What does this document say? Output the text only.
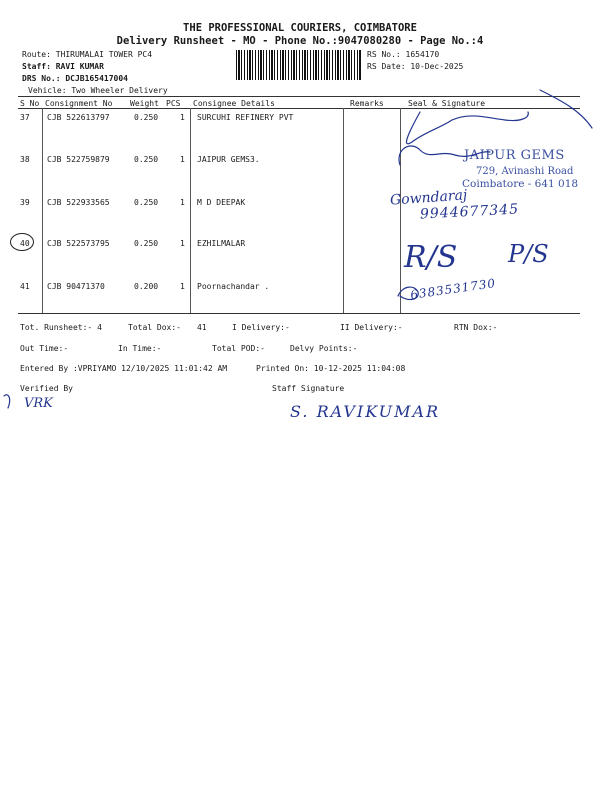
THE PROFESSIONAL COURIERS, COIMBATORE
Delivery Runsheet - MO - Phone No.:9047080280 - Page No.:4
Route: THIRUMALAI TOWER PC4
Staff: RAVI KUMAR
DRS No.: DCJB165417004
Vehicle: Two Wheeler Delivery
RS No.: 1654170
RS Date: 10-Dec-2025
S No Consignment No Weight PCS Consignee Details	Remarks	Seal & Signature
37 CJB 522613797	0.250	1 SURCUHI REFINERY PVT
38 CJB 522759879	0.250	1 JAIPUR GEMS3.
39 CJB 522933565	0.250	1 M D DEEPAK
40 CJB 522573795	0.250	1 EZHILMALAR
41 CJB 90471370	0.200	1 Poornachandar .
Tot. Runsheet:- 4	Total Dox:- 41	I Delivery:-	II Delivery:-	RTN Dox:-
Out Time:-	In Time:-	Total POD:-	Delvy Points:-
Entered By :VPRIYAMO 12/10/2025 11:01:42 AM	Printed On: 10-12-2025 11:04:08
Verified By	Staff Signature
JAIPUR GEMS
729, Avinashi Road
Coimbatore - 641 018
Gowndaraj
9944677345
R/S P/S
6383531730
S. RAVIKUMAR
VRK
